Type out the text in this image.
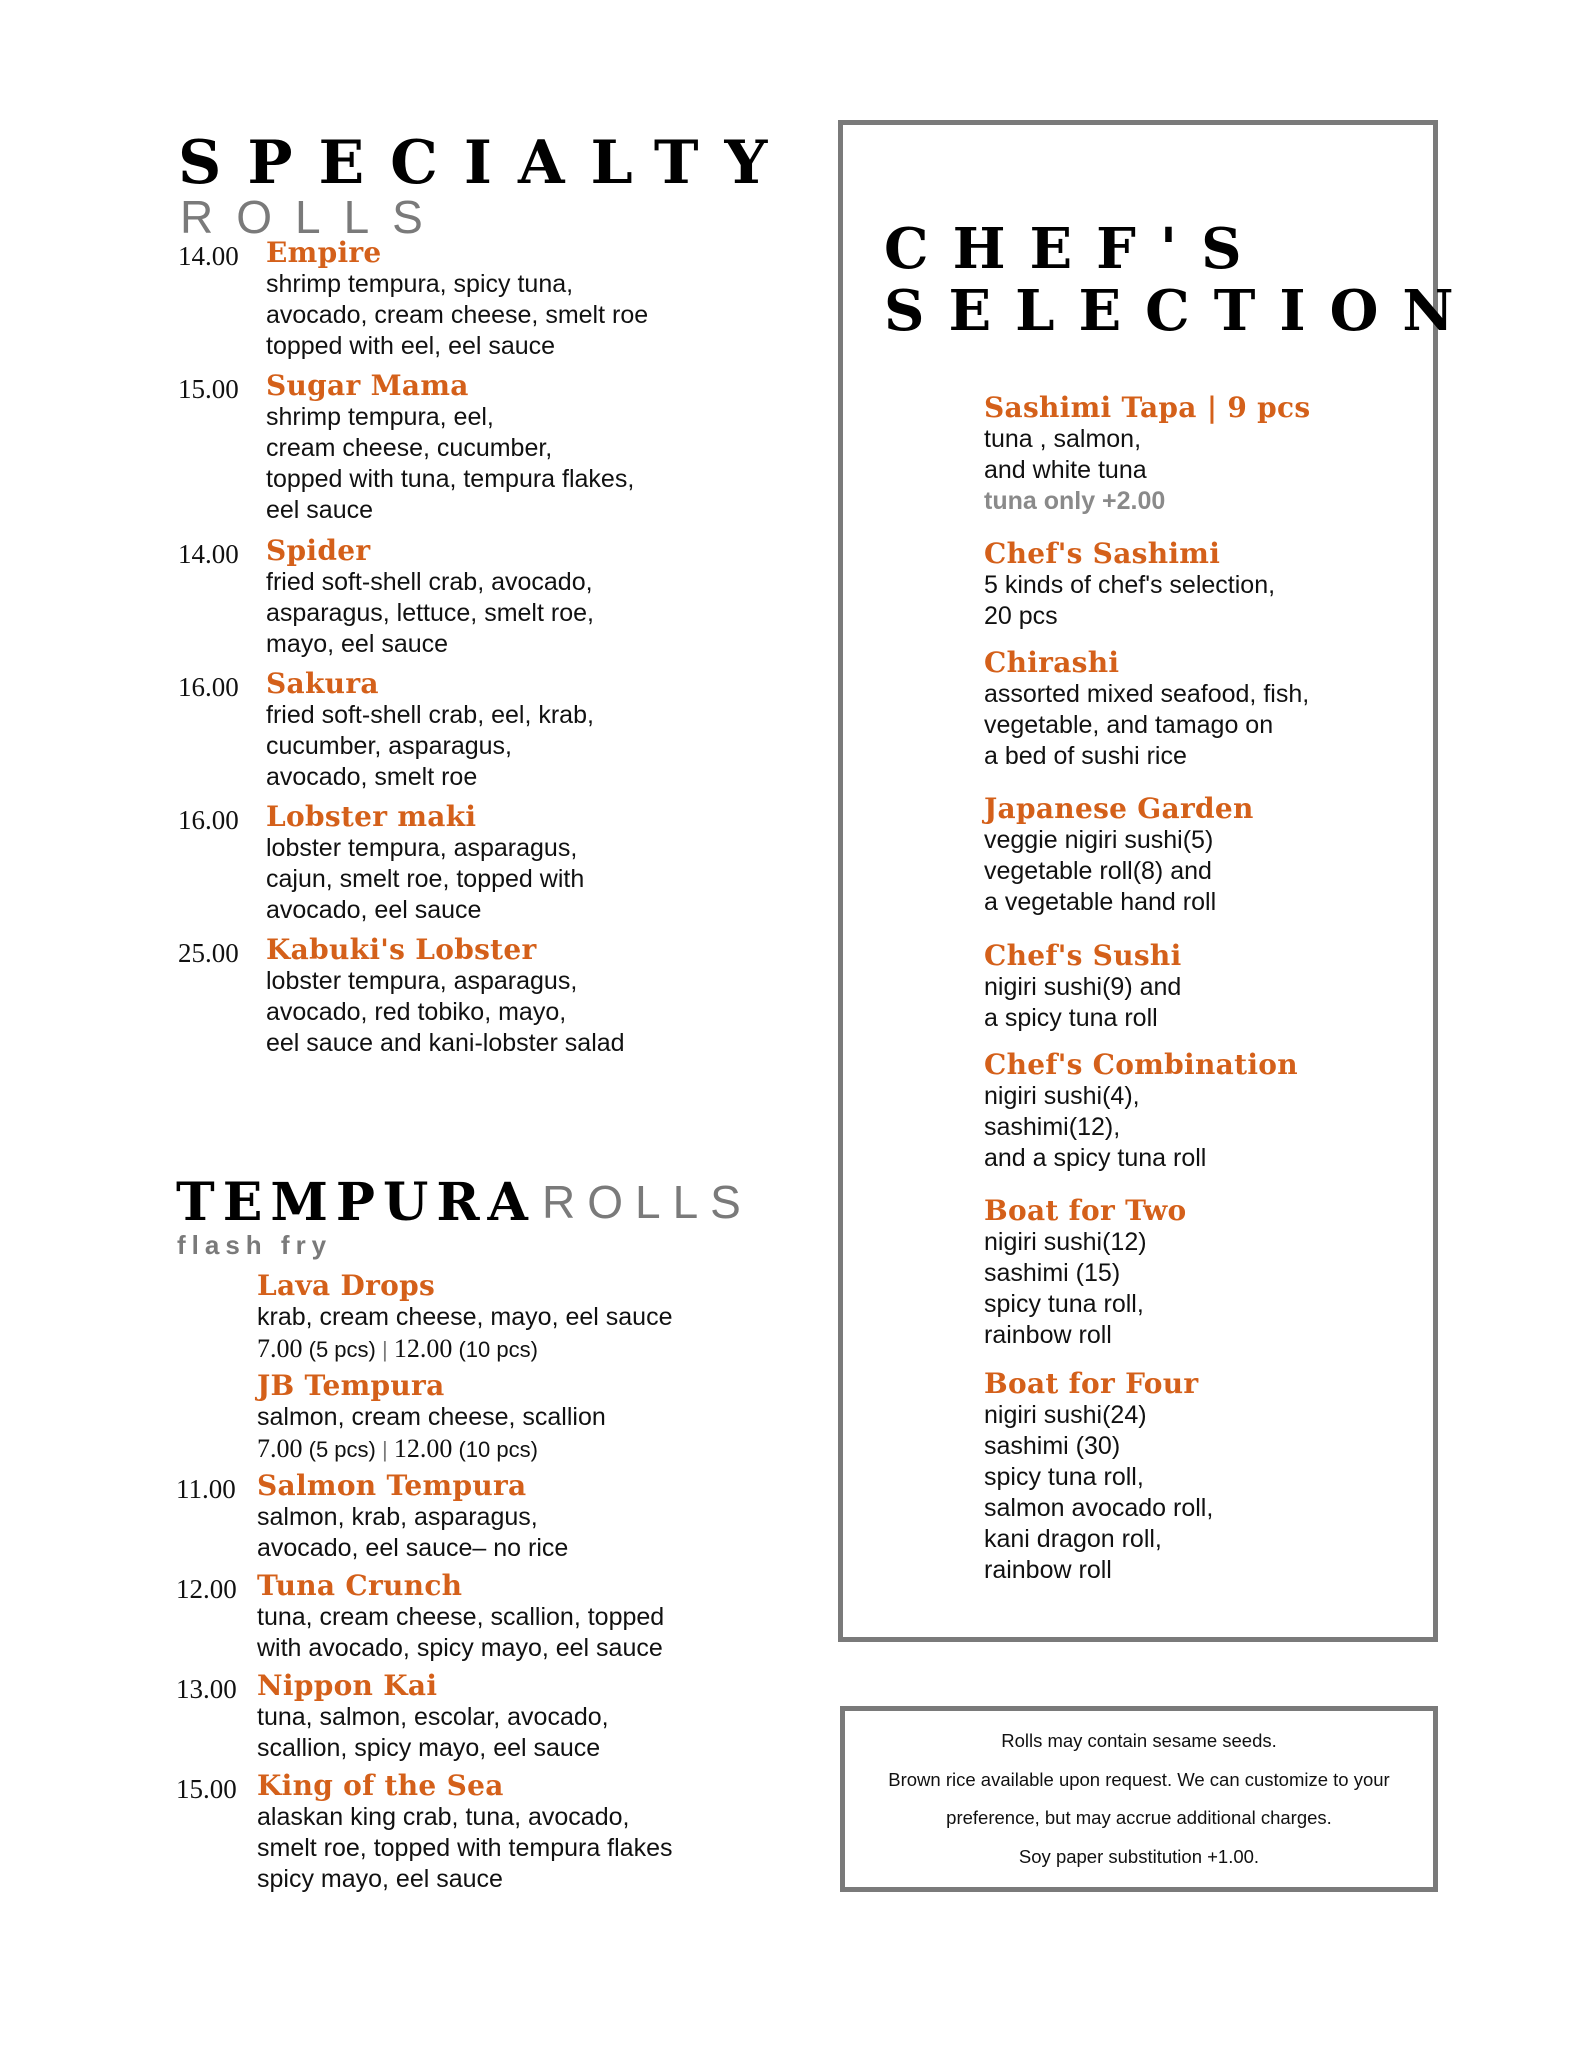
SPECIALTY
ROLLS
14.00 Empire
shrimp tempura, spicy tuna,
avocado, cream cheese, smelt roe
topped with eel, eel sauce
15.00 Sugar Mama
shrimp tempura, eel,
cream cheese, cucumber,
topped with tuna, tempura flakes,
eel sauce
14.00 Spider
fried soft-shell crab, avocado,
asparagus, lettuce, smelt roe,
mayo, eel sauce
16.00 Sakura
fried soft-shell crab, eel, krab,
cucumber, asparagus,
avocado, smelt roe
16.00 Lobster maki
lobster tempura, asparagus,
cajun, smelt roe, topped with
avocado, eel sauce
25.00 Kabuki's Lobster
lobster tempura, asparagus,
avocado, red tobiko, mayo,
eel sauce and kani-lobster salad
TEMPURA ROLLS
flash fry
Lava Drops
krab, cream cheese, mayo, eel sauce
7.00 (5 pcs) | 12.00 (10 pcs)
JB Tempura
salmon, cream cheese, scallion
7.00 (5 pcs) | 12.00 (10 pcs)
11.00 Salmon Tempura
salmon, krab, asparagus,
avocado, eel sauce– no rice
12.00 Tuna Crunch
tuna, cream cheese, scallion, topped
with avocado, spicy mayo, eel sauce
13.00 Nippon Kai
tuna, salmon, escolar, avocado,
scallion, spicy mayo, eel sauce
15.00 King of the Sea
alaskan king crab, tuna, avocado,
smelt roe, topped with tempura flakes
spicy mayo, eel sauce
CHEF'S
SELECTION
Sashimi Tapa | 9 pcs
tuna , salmon,
and white tuna
tuna only +2.00
Chef's Sashimi
5 kinds of chef's selection,
20 pcs
Chirashi
assorted mixed seafood, fish,
vegetable, and tamago on
a bed of sushi rice
Japanese Garden
veggie nigiri sushi(5)
vegetable roll(8) and
a vegetable hand roll
Chef's Sushi
nigiri sushi(9) and
a spicy tuna roll
Chef's Combination
nigiri sushi(4),
sashimi(12),
and a spicy tuna roll
Boat for Two
nigiri sushi(12)
sashimi (15)
spicy tuna roll,
rainbow roll
Boat for Four
nigiri sushi(24)
sashimi (30)
spicy tuna roll,
salmon avocado roll,
kani dragon roll,
rainbow roll
Rolls may contain sesame seeds.
Brown rice available upon request. We can customize to your
preference, but may accrue additional charges.
Soy paper substitution +1.00.
